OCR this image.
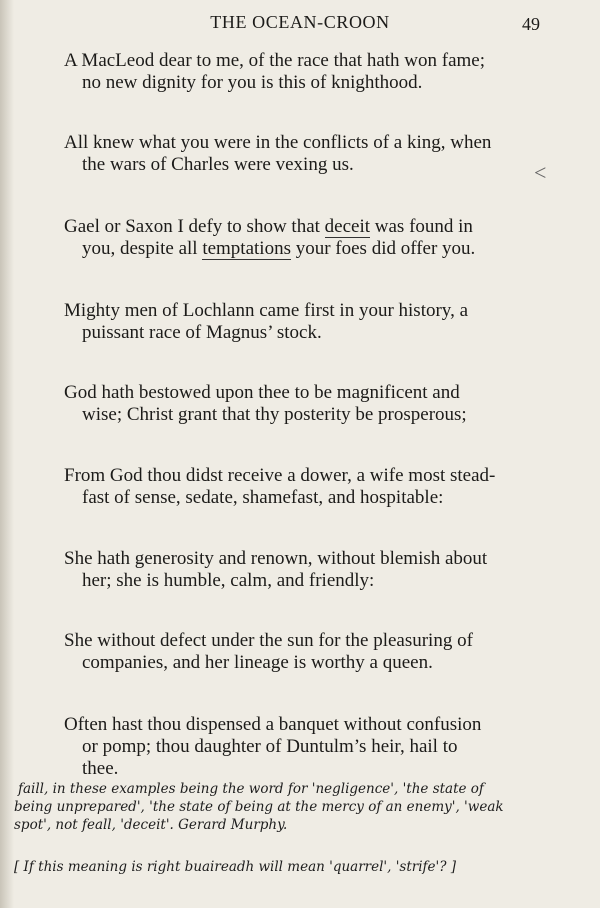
THE OCEAN-CROON	49
A MacLeod dear to me, of the race that hath won fame;
no new dignity for you is this of knighthood.
All knew what you were in the conflicts of a king, when
the wars of Charles were vexing us.	<
Gael or Saxon I defy to show that deceit was found in
you, despite all temptations your foes did offer you.
Mighty men of Lochlann came first in your history, a
puissant race of Magnus’ stock.
God hath bestowed upon thee to be magnificent and
wise; Christ grant that thy posterity be prosperous;
From God thou didst receive a dower, a wife most stead-
fast of sense, sedate, shamefast, and hospitable:
She hath generosity and renown, without blemish about
her; she is humble, calm, and friendly:
She without defect under the sun for the pleasuring of
companies, and her lineage is worthy a queen.
Often hast thou dispensed a banquet without confusion
or pomp; thou daughter of Duntulm’s heir, hail to
thee.
faill, in these examples being the word for 'negligence', 'the state of
being unprepared', 'the state of being at the mercy of an enemy', 'weak
spot', not feall, 'deceit'. Gerard Murphy.
[ If this meaning is right buaireadh will mean 'quarrel', 'strife'? ]
